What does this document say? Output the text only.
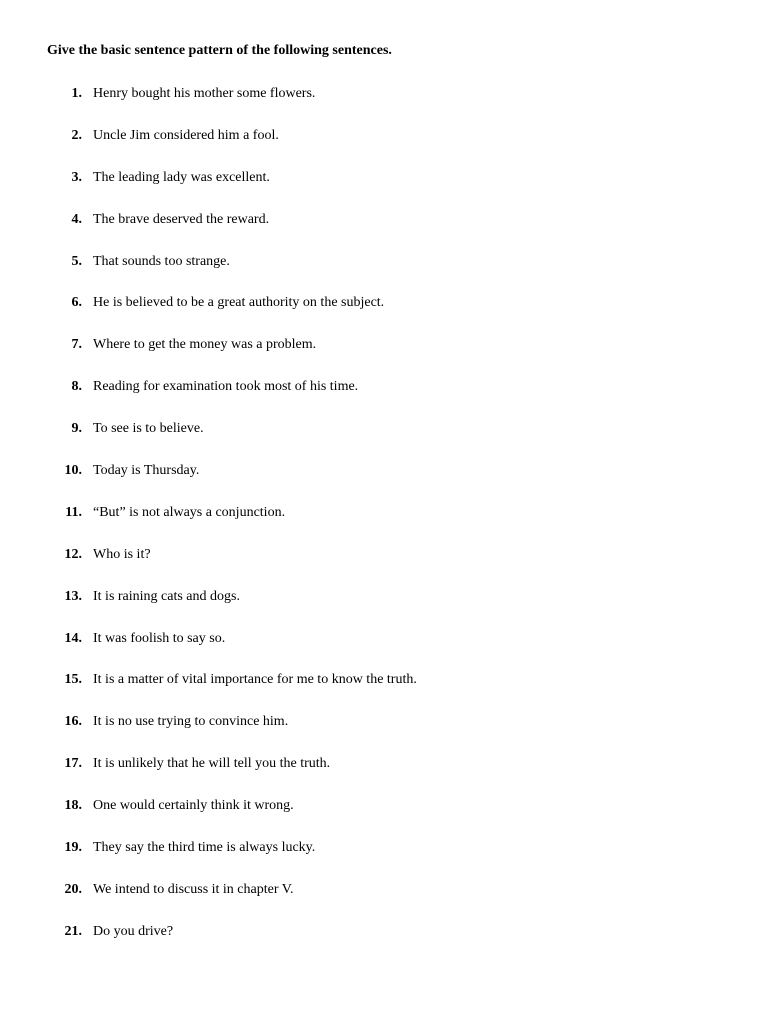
Give the basic sentence pattern of the following sentences.
1. Henry bought his mother some flowers.
2. Uncle Jim considered him a fool.
3. The leading lady was excellent.
4. The brave deserved the reward.
5. That sounds too strange.
6. He is believed to be a great authority on the subject.
7. Where to get the money was a problem.
8. Reading for examination took most of his time.
9. To see is to believe.
10. Today is Thursday.
11. “But” is not always a conjunction.
12. Who is it?
13. It is raining cats and dogs.
14. It was foolish to say so.
15. It is a matter of vital importance for me to know the truth.
16. It is no use trying to convince him.
17. It is unlikely that he will tell you the truth.
18. One would certainly think it wrong.
19. They say the third time is always lucky.
20. We intend to discuss it in chapter V.
21. Do you drive?
